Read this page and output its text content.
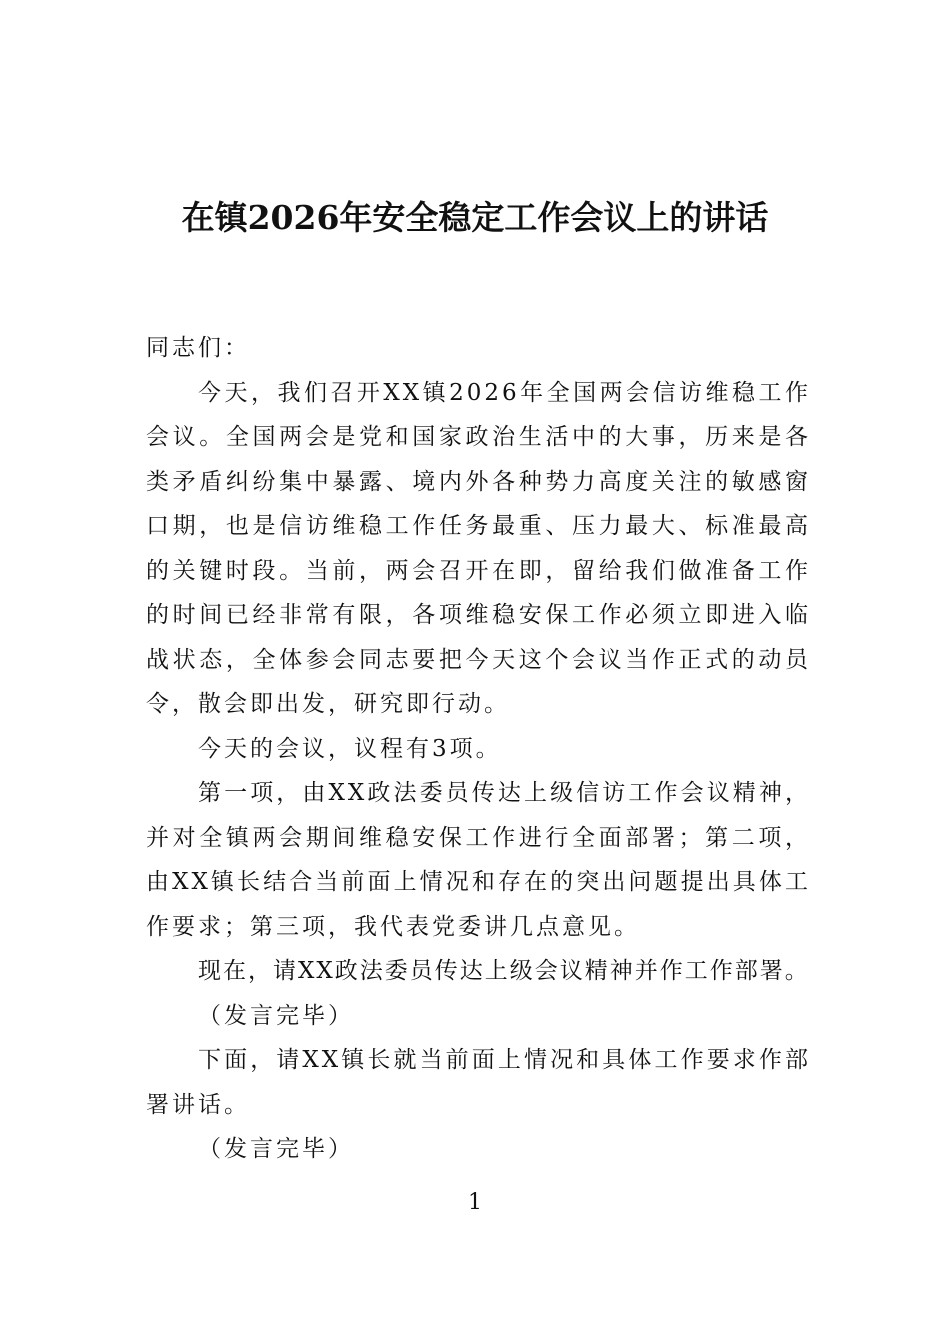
在镇2026年安全稳定工作会议上的讲话

同志们：

今天，我们召开XX镇2026年全国两会信访维稳工作会议。全国两会是党和国家政治生活中的大事，历来是各类矛盾纠纷集中暴露、境内外各种势力高度关注的敏感窗口期，也是信访维稳工作任务最重、压力最大、标准最高的关键时段。当前，两会召开在即，留给我们做准备工作的时间已经非常有限，各项维稳安保工作必须立即进入临战状态，全体参会同志要把今天这个会议当作正式的动员令，散会即出发，研究即行动。

今天的会议，议程有3项。

第一项，由XX政法委员传达上级信访工作会议精神，并对全镇两会期间维稳安保工作进行全面部署；第二项，由XX镇长结合当前面上情况和存在的突出问题提出具体工作要求；第三项，我代表党委讲几点意见。

现在，请XX政法委员传达上级会议精神并作工作部署。

（发言完毕）

下面，请XX镇长就当前面上情况和具体工作要求作部署讲话。

（发言完毕）

1
